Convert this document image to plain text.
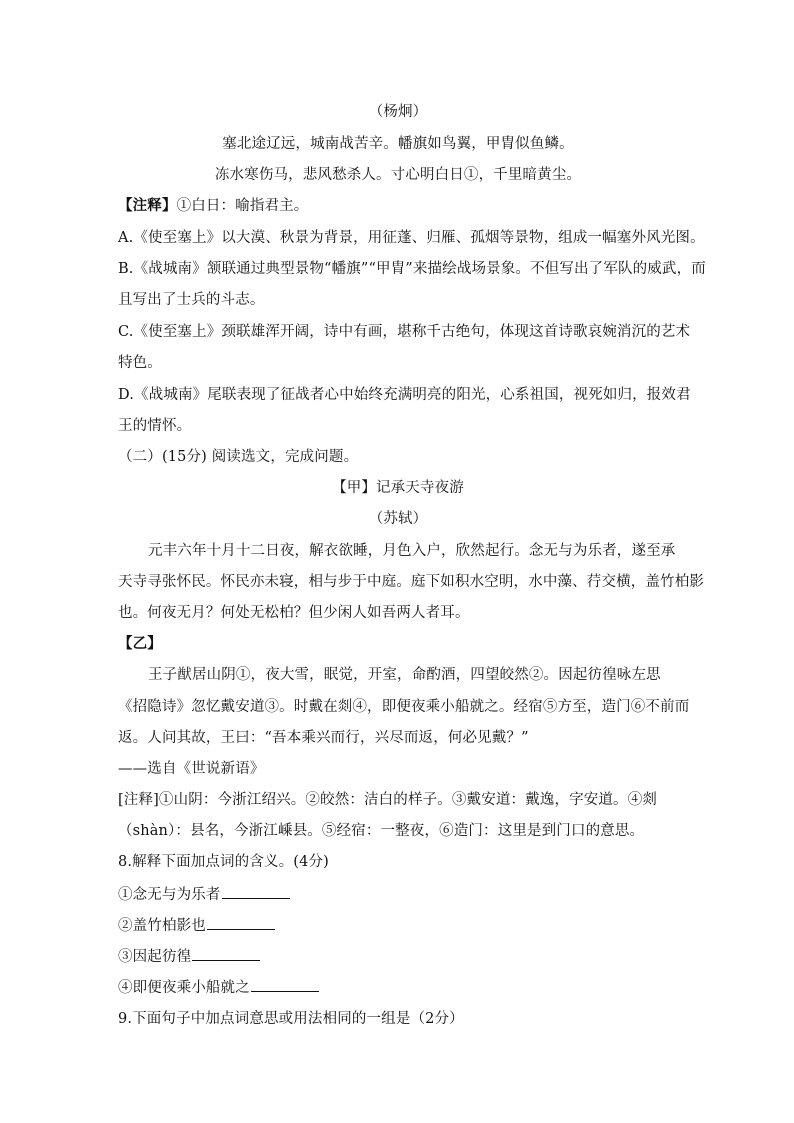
（杨炯）
塞北途辽远，城南战苦辛。幡旗如鸟翼，甲胄似鱼鳞。
冻水寒伤马，悲风愁杀人。寸心明白日①，千里暗黄尘。
【注释】①白日：喻指君主。
A.《使至塞上》以大漠、秋景为背景，用征蓬、归雁、孤烟等景物，组成一幅塞外风光图。
B.《战城南》颔联通过典型景物“幡旗”“甲胄”来描绘战场景象。不但写出了军队的威武，而
且写出了士兵的斗志。
C.《使至塞上》颈联雄浑开阔，诗中有画，堪称千古绝句，体现这首诗歌哀婉消沉的艺术
特色。
D.《战城南》尾联表现了征战者心中始终充满明亮的阳光，心系祖国，视死如归，报效君
王的情怀。
（二）(15分) 阅读选文，完成问题。
【甲】记承天寺夜游
（苏轼）
元丰六年十月十二日夜，解衣欲睡，月色入户，欣然起行。念无与为乐者，遂至承
天寺寻张怀民。怀民亦未寝，相与步于中庭。庭下如积水空明，水中藻、荇交横，盖竹柏影
也。何夜无月？何处无松柏？但少闲人如吾两人者耳。
【乙】
王子猷居山阴①，夜大雪，眠觉，开室，命酌酒，四望皎然②。因起彷徨咏左思
《招隐诗》忽忆戴安道③。时戴在剡④，即便夜乘小船就之。经宿⑤方至，造门⑥不前而
返。人问其故，王曰：“吾本乘兴而行，兴尽而返，何必见戴？”
——选自《世说新语》
[注释]①山阴：今浙江绍兴。②皎然：洁白的样子。③戴安道：戴逸，字安道。④剡
（shàn）：县名，今浙江嵊县。⑤经宿：一整夜，⑥造门：这里是到门口的意思。
8.解释下面加点词的含义。(4分)
①念无与为乐者
②盖竹柏影也
③因起彷徨
④即便夜乘小船就之
9.下面句子中加点词意思或用法相同的一组是（2分）
